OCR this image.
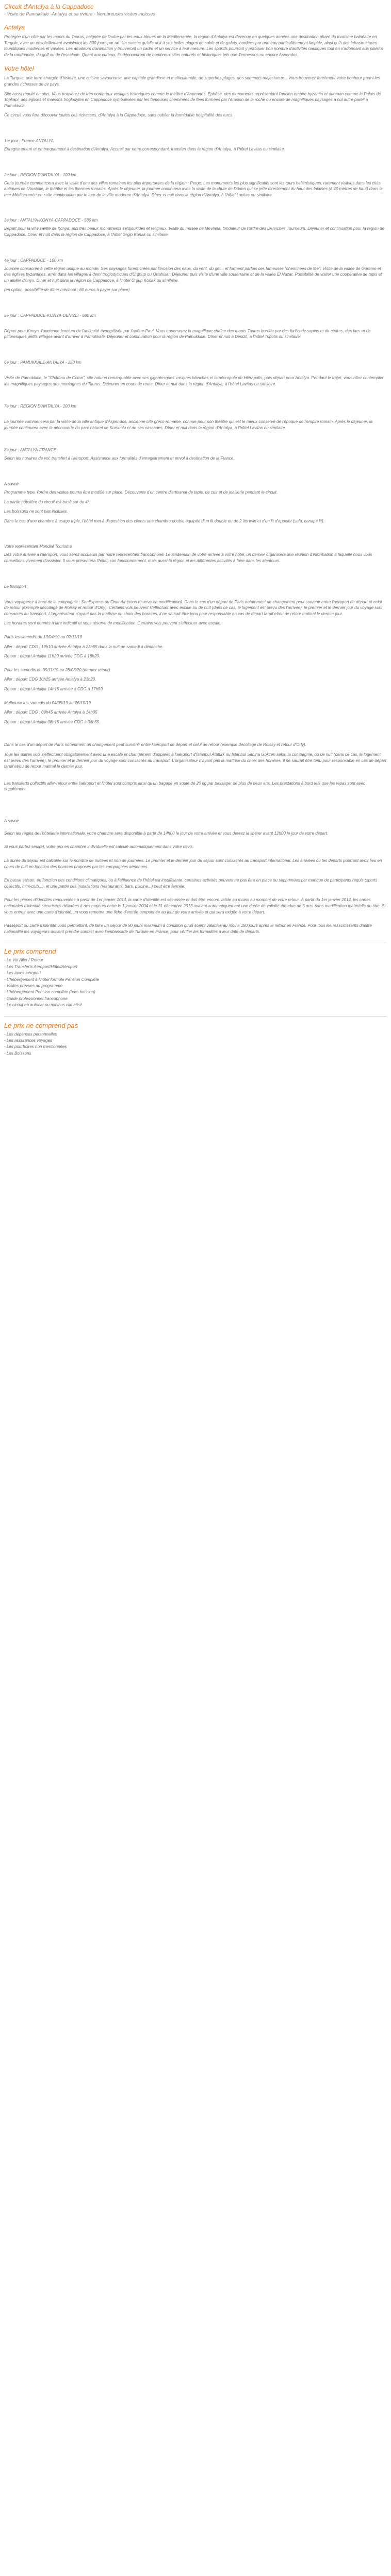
Circuit d'Antalya à la Cappadoce
- Visite de Pamukkale -Antalya et sa riviera - Nombreuses visites incluses
Antalya

Protégée d'un côté par les monts du Taurus, baignée de l'autre par les eaux bleues de la Méditerranée, la région d'Antalya est devenue en quelques années une destination phare du tourisme balnéaire en Turquie, avec un ensoleillement avoisinant les 300 jours par an. Un succès qu'elle doit à ses belles plages de sable et de galets, bordées par une eau particulièrement limpide, ainsi qu'à des infrastructures touristiques modernes et variées. Les amateurs d'animation y trouveront un cadre et un service à leur mesure. Les sportifs pourront y pratiquer bon nombre d'activités nautiques tout en s'adonnant aux plaisirs de la randonnée, du golf ou de l'escalade. Quant aux curieux, ils découvriront de nombreux sites naturels et historiques tels que Termessos ou encore Aspendos.

Votre hôtel

La Turquie, une terre chargée d'histoire, une cuisine savoureuse, une capitale grandiose et multiculturelle, de superbes plages, des sommets majestueux... Vous trouverez forcément votre bonheur parmi les grandes richesses de ce pays.

Site aussi réputé en plus, Vous trouverez de très nombreux vestiges historiques comme le théâtre d'Aspendos, Éphèse, des monuments représentant l'ancien empire byzantin et ottoman comme le Palais de Topkapi, des églises et maisons troglodytes en Cappadoce symbolisées par les fameuses cheminées de fées formées par l'érosion de la roche ou encore de magnifiques paysages à nul autre pareil à Pamukkale.

Ce circuit vous fera découvrir toutes ces richesses, d'Antalya à la Cappadoce, sans oublier la formidable hospitalité des turcs.

1er jour : France-ANTALYA

Enregistrement et embarquement à destination d'Antalya. Accueil par notre correspondant, transfert dans la région d'Antalya, à l'hôtel Lavitas ou similaire.

2e jour : RÉGION D'ANTALYA - 100 km

Cette journée commencera avec la visite d'une des villes romaines les plus importantes de la région : Perge. Les monuments les plus significatifs sont les tours hellénistiques, rarement visibles dans les cités antiques de l'Anatolie, le théâtre et les thermes romains. Après le déjeuner, la journée continuera avec la visite de la chute de Düden qui se jette directement du haut des falaises (à 40 mètres de haut) dans la mer Méditerranée en suite continuation par le tour de la ville moderne d'Antalya. Dîner et nuit dans la région d'Antalya, à l'hôtel Lavitas ou similaire.

3e jour : ANTALYA-KONYA-CAPPADOCE - 580 km

Départ pour la ville sainte de Konya, aux très beaux monuments seldjoukides et religieux. Visite du musée de Mevlana, fondateur de l'ordre des Derviches Tourneurs. Déjeuner et continuation pour la région de Cappadoce. Dîner et nuit dans la région de Cappadoce, à l'hôtel Grgip Konak ou similaire.

4e jour : CAPPADOCE - 100 km

Journée consacrée à cette région unique au monde. Ses paysages furent créés par l'érosion des eaux, du vent, du gel... et forment parfois ces fameuses "cheminées de fée". Visite de la vallée de Göreme et des églises byzantines, arrêt dans les villages à demi troglodytiques d'Ürghup ou Ortahisar. Déjeuner puis visite d'une ville souterraine et de la vallée El Nazar. Possibilité de visiter une coopérative de tapis et un atelier d'onyx. Dîner et nuit dans la région de Cappadoce, à l'hôtel Ürgüp Konak ou similaire.

(en option, possibilité de dîner méchoui : 60 euros à payer sur place)

5e jour : CAPPADOCE-KONYA-DENIZLI - 680 km

Départ pour Konya, l'ancienne Iconium de l'antiquité évangélisée par l'apôtre Paul. Vous traverserez la magnifique chaîne des monts Taurus bordée par des forêts de sapins et de cèdres, des lacs et de pittoresques petits villages avant d'arriver à Pamukkale. Déjeuner et continuation pour la région de Pamukkale. Dîner et nuit à Denizli, à l'hôtel Tripolis ou similaire.

6e jour : PAMUKKALE-ANTALYA - 250 km

Visite de Pamukkale, le "Château de Coton", site naturel remarquable avec ses gigantesques vasques blanches et la nécropole de Hiérapolis, puis départ pour Antalya. Pendant le trajet, vous allez contempler les magnifiques paysages des montagnes du Taurus. Déjeuner en cours de route. Dîner et nuit dans la région d'Antalya, à l'hôtel Lavitas ou similaire.

7e jour : RÉGION D'ANTALYA - 100 km

La journée commencera par la visite de la ville antique d'Aspendos, ancienne cité gréco-romaine, connue pour son théâtre qui est le mieux conservé de l'époque de l'empire romain. Après le déjeuner, la journée continuera avec la découverte du parc naturel de Kursunlu et de ses cascades. Dîner et nuit dans la région d'Antalya, à l'hôtel Lavitas ou similaire.

8e jour : ANTALYA-FRANCE

Selon les horaires de vol, transfert à l'aéroport. Assistance aux formalités d'enregistrement et envol à destination de la France.

A savoir

Programme type, l'ordre des visites pourra être modifié sur place. Découverte d'un centre d'artisanat de tapis, de cuir et de joaillerie pendant le circuit.

La partie hôtelière du circuit est basé sur du 4*.

Les boissons ne sont pas incluses.

Dans le cas d'une chambre à usage triple, l'hôtel met à disposition des clients une chambre double équipée d'un lit double ou de 2 lits twin et d'un lit d'appoint (sofa, canapé lit).

Votre représentant Mondial Tourisme

Dès votre arrivée à l'aéroport, vous serez accueillis par notre représentant francophone. Le lendemain de votre arrivée à votre hôtel, un dernier organisera une réunion d'information à laquelle nous vous conseillons vivement d'assister. Il vous présentera l'hôtel, son fonctionnement, mais aussi la région et les différentes activités à faire dans les alentours.

Le transport

Vous voyagerez à bord de la compagnie : SunExpress ou Onur Air (sous réserve de modification). Dans le cas d'un départ de Paris notamment un changement peut survenir entre l'aéroport de départ et celui de retour (exemple décollage de Roissy et retour d'Orly). Certains vols peuvent s'effectuer avec escale ou de nuit (dans ce cas, le logement est prévu dès l'arrivée), le premier et le dernier jour du voyage sont consacrés au transport. L'organisateur n'ayant pas la maîtrise du choix des horaires, il ne saurait être tenu pour responsable en cas de départ tardif et/ou de retour matinal le dernier jour.

Les horaires sont donnés à titre indicatif et sous réserve de modification. Certains vols peuvent s'effectuer avec escale.

Paris les samedis du 13/04/19 au 02/11/19

Aller : départ CDG : 19h10 arrivée Antalya à 23h55 dans la nuit de samedi à dimanche.

Retour : départ Antalya 11h20 arrivée CDG à 18h20.

Pour les samedis du 09/11/19 au 28/03/20 (dernier retour)

Aller : départ CDG 10h25 arrivée Antalya à 23h20.

Retour : départ Antalya 14h15 arrivée à CDG à 17h50.

Mulhouse les samedis du 04/05/19 au 26/10/19

Aller : départ CDG : 09h45 arrivée Antalya à 14h05

Retour : départ Antalya 06h15 arrivée CDG à 08h55.

Dans le cas d'un départ de Paris notamment un changement peut survenir entre l'aéroport de départ et celui de retour (exemple décollage de Roissy et retour d'Orly).

Tous les autres vols s'effectuent obligatoirement avec une escale et changement d'appareil à l'aéroport d'Istanbul Atatürk ou Istanbul Sabiha Gökcen selon la compagnie, ou de nuit (dans ce cas, le logement est prévu dès l'arrivée), le premier et le dernier jour du voyage sont consacrés au transport. L'organisateur n'ayant pas la maîtrise du choix des horaires, il ne saurait être tenu pour responsable en cas de départ tardif et/ou de retour matinal le dernier jour.

Les transferts collectifs aller-retour entre l'aéroport et l'hôtel sont compris ainsi qu'un bagage en soute de 20 kg par passager de plus de deux ans. Les prestations à bord tels que les repas sont avec supplément.

A savoir

Selon les règles de l'hôtellerie internationale, votre chambre sera disponible à partir de 14h00 le jour de votre arrivée et vous devrez la libérer avant 12h00 le jour de votre départ.

Si vous partez seul(e), votre prix en chambre individuelle est calculé automatiquement dans votre devis.

La durée du séjour est calculée sur le nombre de nuitées et non de journées. Le premier et le dernier jour du séjour sont consacrés au transport international. Les arrivées ou les départs pourront avoir lieu en cours de nuit en fonction des horaires proposés par les compagnies aériennes.

En basse saison, en fonction des conditions climatiques, ou à l'affluence de l'hôtel est insuffisante, certaines activités peuvent ne pas être en place ou supprimées par manque de participants requis (sports collectifs, mini-club...), et une partie des installations (restaurants, bars, piscine...) peut être fermée.

Pour les pièces d'identités renouvelées à partir de 1er janvier 2014, la carte d'identité est sécurisée et doit être encore valide au moins au moment de votre retour. À partir du 1er janvier 2014, les cartes nationales d'identité sécurisées délivrées à des majeurs entre le 1 janvier 2004 et le 31 décembre 2013 avaient automatiquement une durée de validité étendue de 5 ans, sans modification matérielle du titre. Si vous entrez avec une carte d'identité, un vous remettra une fiche d'entrée tamponnée au jour de votre arrivée et qui sera exigée à votre départ.

Passeport ou carte d'identité vous permettant, de faire un séjour de 90 jours maximum à condition qu'ils soient valables au moins 180 jours après le retour en France. Pour tous les ressortissants d'autre nationalité les voyageurs doivent prendre contact avec l'ambassade de Turquie en France, pour vérifier les formalités à leur date de départs.

Le prix comprend
- Le Vol Aller / Retour
- Les Transferts Aéroport/Hôtel/Aéroport
- Les taxes aéroport
- L'hébergement à l'hôtel formule Pension Complète
- Visites prévues au programme
- L'hébergement Pension complète (hors boisson)
- Guide professionnel francophone
- Le circuit en autocar ou minibus climatisé
Le prix ne comprend pas
- Les dépenses personnelles
- Les assurances voyages
- Les pourboires non mentionnées
- Les Boissons
